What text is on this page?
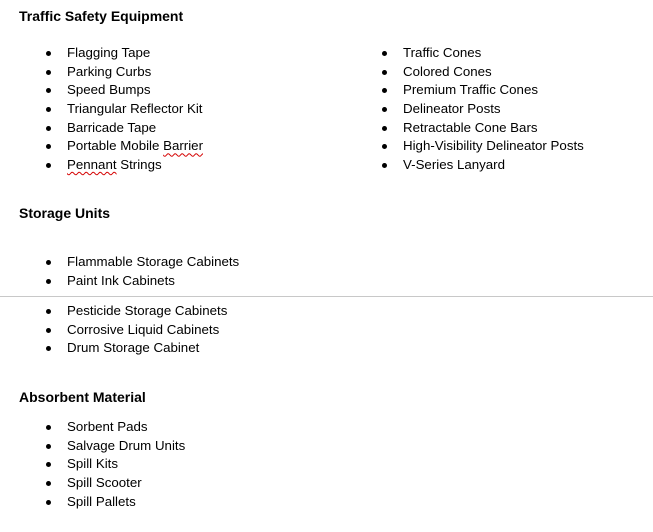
Traffic Safety Equipment
Flagging Tape
Parking Curbs
Speed Bumps
Triangular Reflector Kit
Barricade Tape
Portable Mobile Barrier
Pennant Strings
Traffic Cones
Colored Cones
Premium Traffic Cones
Delineator Posts
Retractable Cone Bars
High-Visibility Delineator Posts
V-Series Lanyard
Storage Units
Flammable Storage Cabinets
Paint Ink Cabinets
Pesticide Storage Cabinets
Corrosive Liquid Cabinets
Drum Storage Cabinet
Absorbent Material
Sorbent Pads
Salvage Drum Units
Spill Kits
Spill Scooter
Spill Pallets
